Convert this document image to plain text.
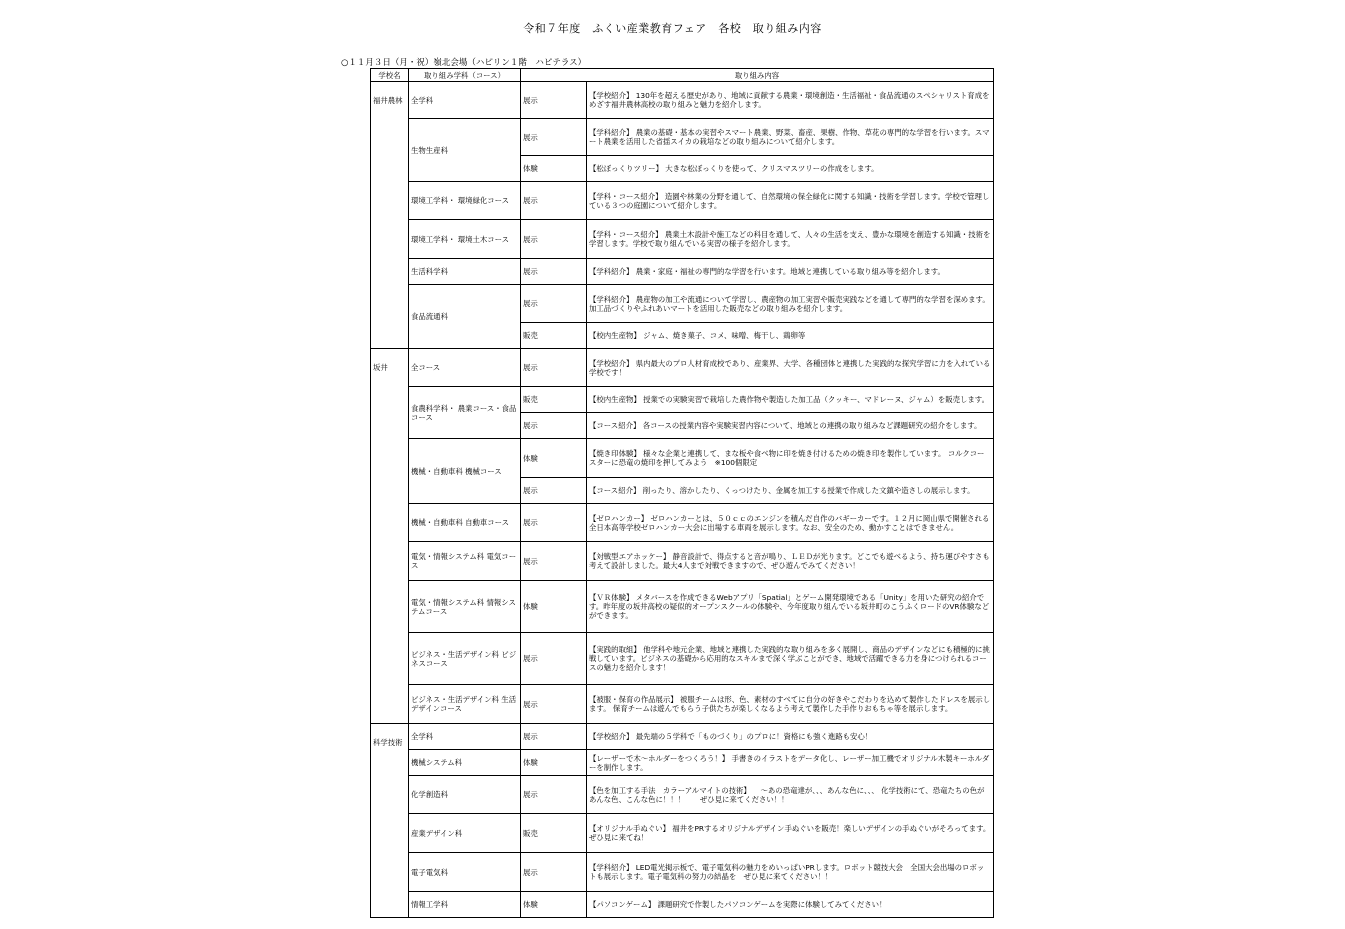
令和７年度　ふくい産業教育フェア　各校　取り組み内容
○１１月３日（月・祝）嶺北会場（ハピリン１階　ハピテラス）
学校名	取り組み学科（コース）	取り組み内容	
福井農林	全学科	展示	【学校紹介】 130年を超える歴史があり、地域に貢献する農業・環境創造・生活福祉・食品流通のスペシャリスト育成をめざす福井農林高校の取り組みと魅力を紹介します。
	生物生産科	展示	【学科紹介】 農業の基礎・基本の実習やスマート農業、野菜、畜産、果樹、作物、草花の専門的な学習を行います。スマート農業を活用した省揺スイカの栽培などの取り組みについて紹介します。
		体験	【松ぼっくりツリー】 大きな松ぼっくりを使って、クリスマスツリーの作成をします。
	環境工学科・ 環境緑化コース	展示	【学科・コース紹介】 造園や林業の分野を通して、自然環境の保全緑化に関する知識・技術を学習します。学校で管理している３つの庭園について紹介します。
	環境工学科・ 環境土木コース	展示	【学科・コース紹介】 農業土木設計や施工などの科目を通して、人々の生活を支え、豊かな環境を創造する知識・技術を学習します。学校で取り組んでいる実習の様子を紹介します。
	生活科学科	展示	【学科紹介】 農業・家庭・福祉の専門的な学習を行います。地域と連携している取り組み等を紹介します。
	食品流通科	展示	【学科紹介】 農産物の加工や流通について学習し、農産物の加工実習や販売実践などを通して専門的な学習を深めます。加工品づくりやふれあいマートを活用した販売などの取り組みを紹介します。
		販売	【校内生産物】 ジャム、焼き菓子、コメ、味噌、梅干し、鶏卵等
坂井	全コース	展示	【学校紹介】 県内最大のプロ人材育成校であり、産業界、大学、各種団体と連携した実践的な探究学習に力を入れている学校です！
	食農科学科・ 農業コース・食品コース	販売	【校内生産物】 授業での実験実習で栽培した農作物や製造した加工品（クッキー、マドレーヌ、ジャム）を販売します。
		展示	【コース紹介】 各コースの授業内容や実験実習内容について、地域との連携の取り組みなど課題研究の紹介をします。
	機械・自動車科 機械コース	体験	【焼き印体験】 様々な企業と連携して、まな板や食べ物に印を焼き付けるための焼き印を製作しています。 コルクコースターに恐竜の焼印を押してみよう　※100個限定
		展示	【コース紹介】 削ったり、溶かしたり、くっつけたり、金属を加工する授業で作成した文鎮や造さしの展示します。
	機械・自動車科 自動車コース	展示	【ゼロハンカー】 ゼロハンカーとは、５０ｃｃのエンジンを積んだ自作のバギーカーです。１２月に岡山県で開催される全日本高等学校ゼロハンカー大会に出場する車両を展示します。なお、安全のため、動かすことはできません。
	電気・情報システム科 電気コース	展示	【対戦型エアホッケー】 静音設計で、得点すると音が鳴り、ＬＥＤが光ります。どこでも遊べるよう、持ち運びやすさも考えて設計しました。最大4人まで対戦できますので、ぜひ遊んでみてください！
	電気・情報システム科 情報システムコース	体験	【ＶＲ体験】 メタバースを作成できるWebアプリ「Spatial」とゲーム開発環境である「Unity」を用いた研究の紹介です。昨年度の坂井高校の疑似的オープンスクールの体験や、今年度取り組んでいる坂井町のこうふくロードのVR体験などができます。
	ビジネス・生活デザイン科 ビジネスコース	展示	【実践的取組】 他学科や地元企業、地域と連携した実践的な取り組みを多く展開し、商品のデザインなどにも積極的に挑戦しています。ビジネスの基礎から応用的なスキルまで深く学ぶことができ、地域で活躍できる力を身につけられるコースの魅力を紹介します！
	ビジネス・生活デザイン科 生活デザインコース	展示	【被服・保育の作品展示】 被服チームは形、色、素材のすべてに自分の好きやこだわりを込めて製作したドレスを展示します。 保育チームは遊んでもらう子供たちが楽しくなるよう考えて製作した手作りおもちゃ等を展示します。
科学技術	全学科	展示	【学校紹介】 最先端の５学科で「ものづくり」のプロに！資格にも強く進路も安心！
	機械システム科	体験	【レーザーで木～ホルダーをつくろう！】 手書きのイラストをデータ化し、レーザー加工機でオリジナル木製キーホルダーを制作します。
	化学創造科	展示	【色を加工する手法　カラーアルマイトの技術】 　～あの恐竜達が、、、あんな色に、、、 化学技術にて、恐竜たちの色があんな色、こんな色に！！！　　ぜひ見に来てください！！
	産業デザイン科	販売	【オリジナル手ぬぐい】 福井をPRするオリジナルデザイン手ぬぐいを販売！楽しいデザインの手ぬぐいがそろってます。ぜひ見に来てね！
	電子電気科	展示	【学科紹介】 LED電光掲示板で、電子電気科の魅力をめいっぱいPRします。ロボット競技大会　全国大会出場のロボットも展示します。電子電気科の努力の結晶を　ぜひ見に来てください！！
	情報工学科	体験	【パソコンゲーム】 課題研究で作製したパソコンゲームを実際に体験してみてください！
